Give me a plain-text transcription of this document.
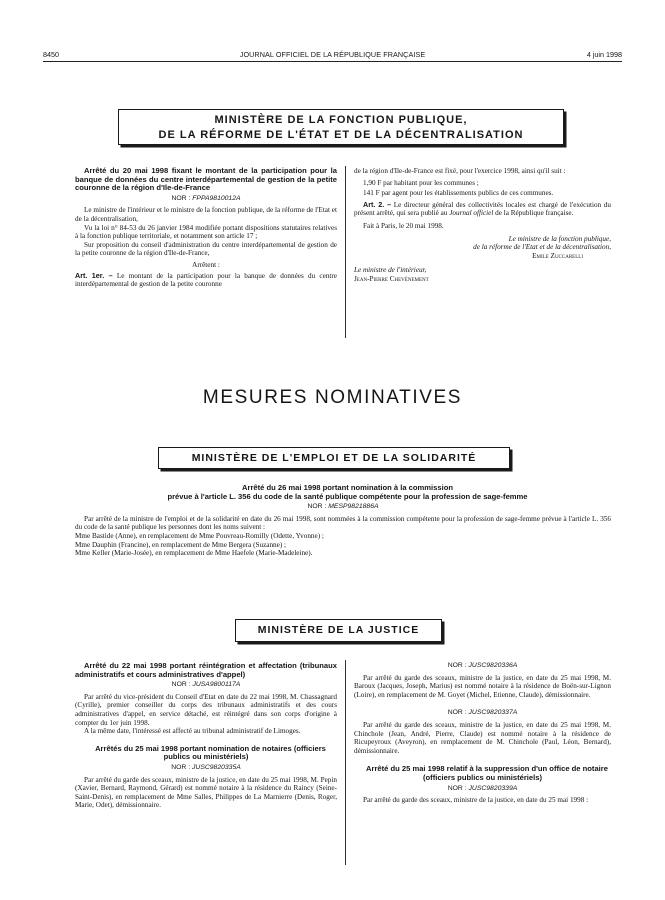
8450	JOURNAL OFFICIEL DE LA RÉPUBLIQUE FRANÇAISE	4 juin 1998
MINISTÈRE DE LA FONCTION PUBLIQUE,
DE LA RÉFORME DE L'ÉTAT ET DE LA DÉCENTRALISATION

Arrêté du 20 mai 1998 fixant le montant de la participation pour la banque de données du centre interdépartemental de gestion de la petite couronne de la région d'Ile-de-France

NOR : FPPA9810012A

Le ministre de l'intérieur et le ministre de la fonction publique, de la réforme de l'Etat et de la décentralisation,

Vu la loi n° 84-53 du 26 janvier 1984 modifiée portant dispositions statutaires relatives à la fonction publique territoriale, et notamment son article 17 ;

Sur proposition du conseil d'administration du centre interdépartemental de gestion de la petite couronne de la région d'Ile-de-France,

Arrêtent :

Art. 1er. – Le montant de la participation pour la banque de données du centre interdépartemental de gestion de la petite couronne

de la région d'Ile-de-France est fixé, pour l'exercice 1998, ainsi qu'il suit :

1,90 F par habitant pour les communes ;

141 F par agent pour les établissements publics de ces communes.

Art. 2. – Le directeur général des collectivités locales est chargé de l'exécution du présent arrêté, qui sera publié au Journal officiel de la République française.

Fait à Paris, le 20 mai 1998.

Le ministre de la fonction publique,

de la réforme de l'Etat et de la décentralisation,

Emile Zuccarelli

Le ministre de l'intérieur,

Jean-Pierre Chevènement

MESURES NOMINATIVES
MINISTÈRE DE L'EMPLOI ET DE LA SOLIDARITÉ

Arrêté du 26 mai 1998 portant nomination à la commission

prévue à l'article L. 356 du code de la santé publique compétente pour la profession de sage-femme

NOR : MESP9821886A

Par arrêté de la ministre de l'emploi et de la solidarité en date du 26 mai 1998, sont nommées à la commission compétente pour la profession de sage-femme prévue à l'article L. 356 du code de la santé publique les personnes dont les noms suivent :

Mme Bastide (Anne), en remplacement de Mme Pouvreau-Romilly (Odette, Yvonne) ;

Mme Dauphin (Francine), en remplacement de Mme Bergera (Suzanne) ;

Mme Keller (Marie-Josée), en remplacement de Mme Haefele (Marie-Madeleine).

MINISTÈRE DE LA JUSTICE

Arrêté du 22 mai 1998 portant réintégration et affectation (tribunaux administratifs et cours administratives d'appel)

NOR : JUSA9800117A

Par arrêté du vice-président du Conseil d'Etat en date du 22 mai 1998, M. Chassagnard (Cyrille), premier conseiller du corps des tribunaux administratifs et des cours administratives d'appel, en service détaché, est réintégré dans son corps d'origine à compter du 1er juin 1998.

A la même date, l'intéressé est affecté au tribunal administratif de Limoges.

Arrêtés du 25 mai 1998 portant nomination de notaires (officiers publics ou ministériels)

NOR : JUSC9820335A

Par arrêté du garde des sceaux, ministre de la justice, en date du 25 mai 1998, M. Pepin (Xavier, Bernard, Raymond, Gérard) est nommé notaire à la résidence du Raincy (Seine-Saint-Denis), en remplacement de Mme Salles, Philippes de La Marnierre (Denis, Roger, Marie, Odet), démissionnaire.

NOR : JUSC9820336A

Par arrêté du garde des sceaux, ministre de la justice, en date du 25 mai 1998, M. Baroux (Jacques, Joseph, Marius) est nommé notaire à la résidence de Boën-sur-Lignon (Loire), en remplacement de M. Goyet (Michel, Etienne, Claude), démissionnaire.

NOR : JUSC9820337A

Par arrêté du garde des sceaux, ministre de la justice, en date du 25 mai 1998, M. Chinchole (Jean, André, Pierre, Claude) est nommé notaire à la résidence de Ricupeyroux (Aveyron), en remplacement de M. Chinchole (Paul, Léon, Bernard), démissionnaire.

Arrêté du 25 mai 1998 relatif à la suppression d'un office de notaire (officiers publics ou ministériels)

NOR : JUSC9820339A

Par arrêté du garde des sceaux, ministre de la justice, en date du 25 mai 1998 :
